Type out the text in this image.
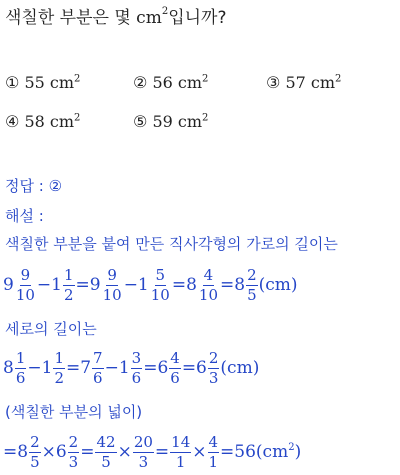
색칠한 부분은 몇 $cm^2$입니까?
① 55 $cm^2$	② 56 $cm^2$	③ 57 $cm^2$
④ 58 $cm^2$	⑤ 59 $cm^2$
정답 : ②
해설 :
색칠한 부분을 붙여 만든 직사각형의 가로의 길이는
$9 \frac{9}{10} -1 \frac{1}{2} =9 \frac{9}{10} -1 \frac{5}{10} =8 \frac{4}{10} =8 \frac{2}{5} (cm)$
세로의 길이는
$8 \frac{1}{6} -1 \frac{1}{2} =7 \frac{7}{6} -1 \frac{3}{6} =6 \frac{4}{6} =6 \frac{2}{3} (cm)$
(색칠한 부분의 넓이)
$=8 \frac{2}{5} \times 6 \frac{2}{3} = \frac{42}{5} \times \frac{20}{3} = \frac{14}{1} \times \frac{4}{1} =56(cm^2$ )
